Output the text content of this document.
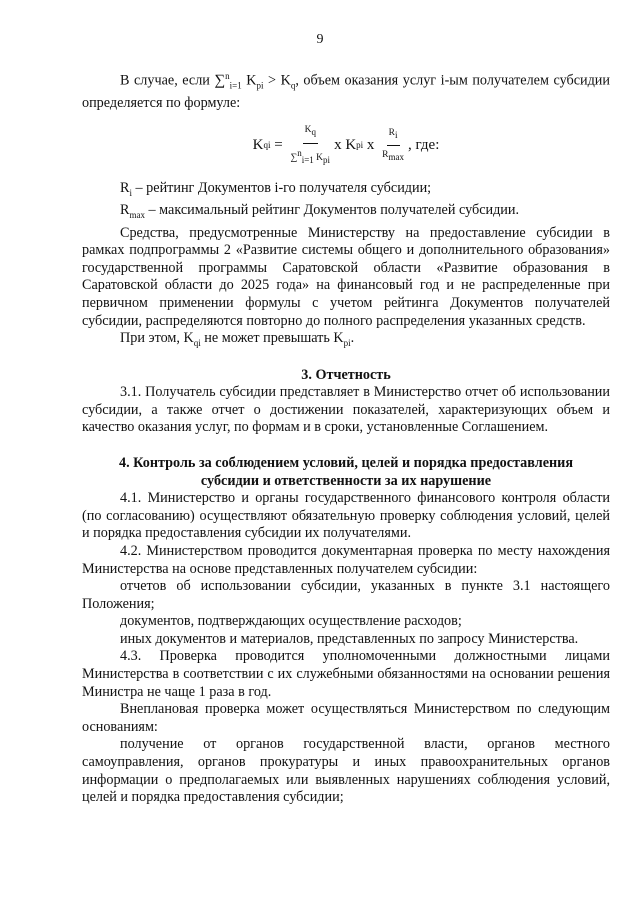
9

В случае, если ∑$^n_{i=1}$ $K_{pi} > K_q$, объем оказания услуг i-ым получателем субсидии определяется по формуле:

K qi = $\frac{K_q}{\sum^n_{i=1} K_{pi}}$ x K pi x $\frac{R_i}{R_{max}}$ , где:

$R_i$ – рейтинг Документов i-го получателя субсидии;

$R_{max}$ – максимальный рейтинг Документов получателей субсидии.

Средства, предусмотренные Министерству на предоставление субсидии в рамках подпрограммы 2 «Развитие системы общего и дополнительного образования» государственной программы Саратовской области «Развитие образования в Саратовской области до 2025 года» на финансовый год и не распределенные при первичном применении формулы с учетом рейтинга Документов получателей субсидии, распределяются повторно до полного распределения указанных средств.

При этом, $K_{qi}$ не может превышать $K_{pi}$.

3. Отчетность

3.1. Получатель субсидии представляет в Министерство отчет об использовании субсидии, а также отчет о достижении показателей, характеризующих объем и качество оказания услуг, по формам и в сроки, установленные Соглашением.

4. Контроль за соблюдением условий, целей и порядка предоставления

субсидии и ответственности за их нарушение

4.1. Министерство и органы государственного финансового контроля области (по согласованию) осуществляют обязательную проверку соблюдения условий, целей и порядка предоставления субсидии их получателями.

4.2. Министерством проводится документарная проверка по месту нахождения Министерства на основе представленных получателем субсидии:

отчетов об использовании субсидии, указанных в пункте 3.1 настоящего Положения;

документов, подтверждающих осуществление расходов;

иных документов и материалов, представленных по запросу Министерства.

4.3. Проверка проводится уполномоченными должностными лицами Министерства в соответствии с их служебными обязанностями на основании решения Министра не чаще 1 раза в год.

Внеплановая проверка может осуществляться Министерством по следующим основаниям:

получение от органов государственной власти, органов местного самоуправления, органов прокуратуры и иных правоохранительных органов информации о предполагаемых или выявленных нарушениях соблюдения условий, целей и порядка предоставления субсидии;
